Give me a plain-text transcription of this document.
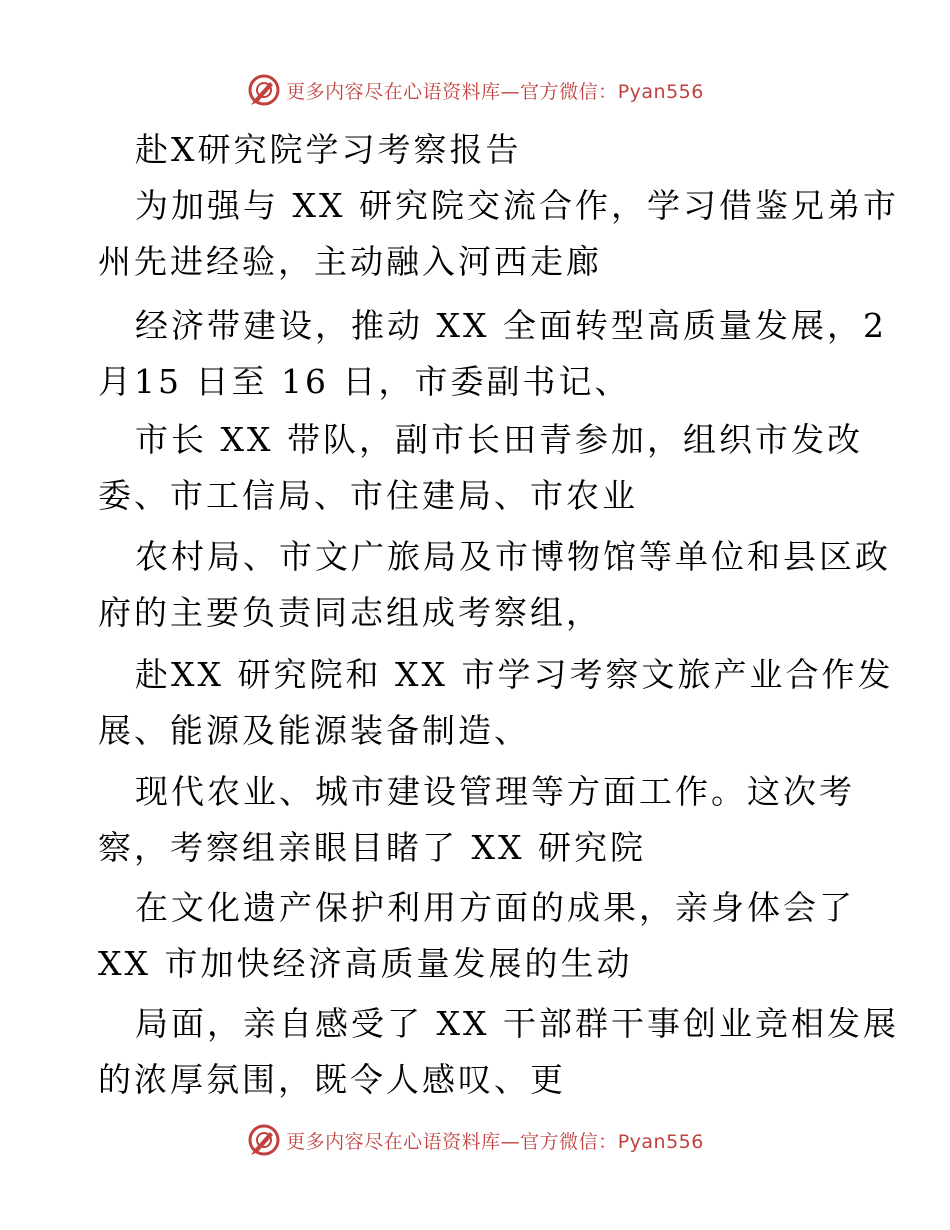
更多内容尽在心语资料库—官方微信：Pyan556
赴X研究院学习考察报告
为加强与 XX 研究院交流合作，学习借鉴兄弟市
州先进经验，主动融入河西走廊
经济带建设，推动 XX 全面转型高质量发展，2
月15 日至 16 日，市委副书记、
市长 XX 带队，副市长田青参加，组织市发改
委、市工信局、市住建局、市农业
农村局、市文广旅局及市博物馆等单位和县区政
府的主要负责同志组成考察组，
赴XX 研究院和 XX 市学习考察文旅产业合作发
展、能源及能源装备制造、
现代农业、城市建设管理等方面工作。这次考
察，考察组亲眼目睹了 XX 研究院
在文化遗产保护利用方面的成果，亲身体会了
XX 市加快经济高质量发展的生动
局面，亲自感受了 XX 干部群干事创业竞相发展
的浓厚氛围，既令人感叹、更
更多内容尽在心语资料库—官方微信：Pyan556
